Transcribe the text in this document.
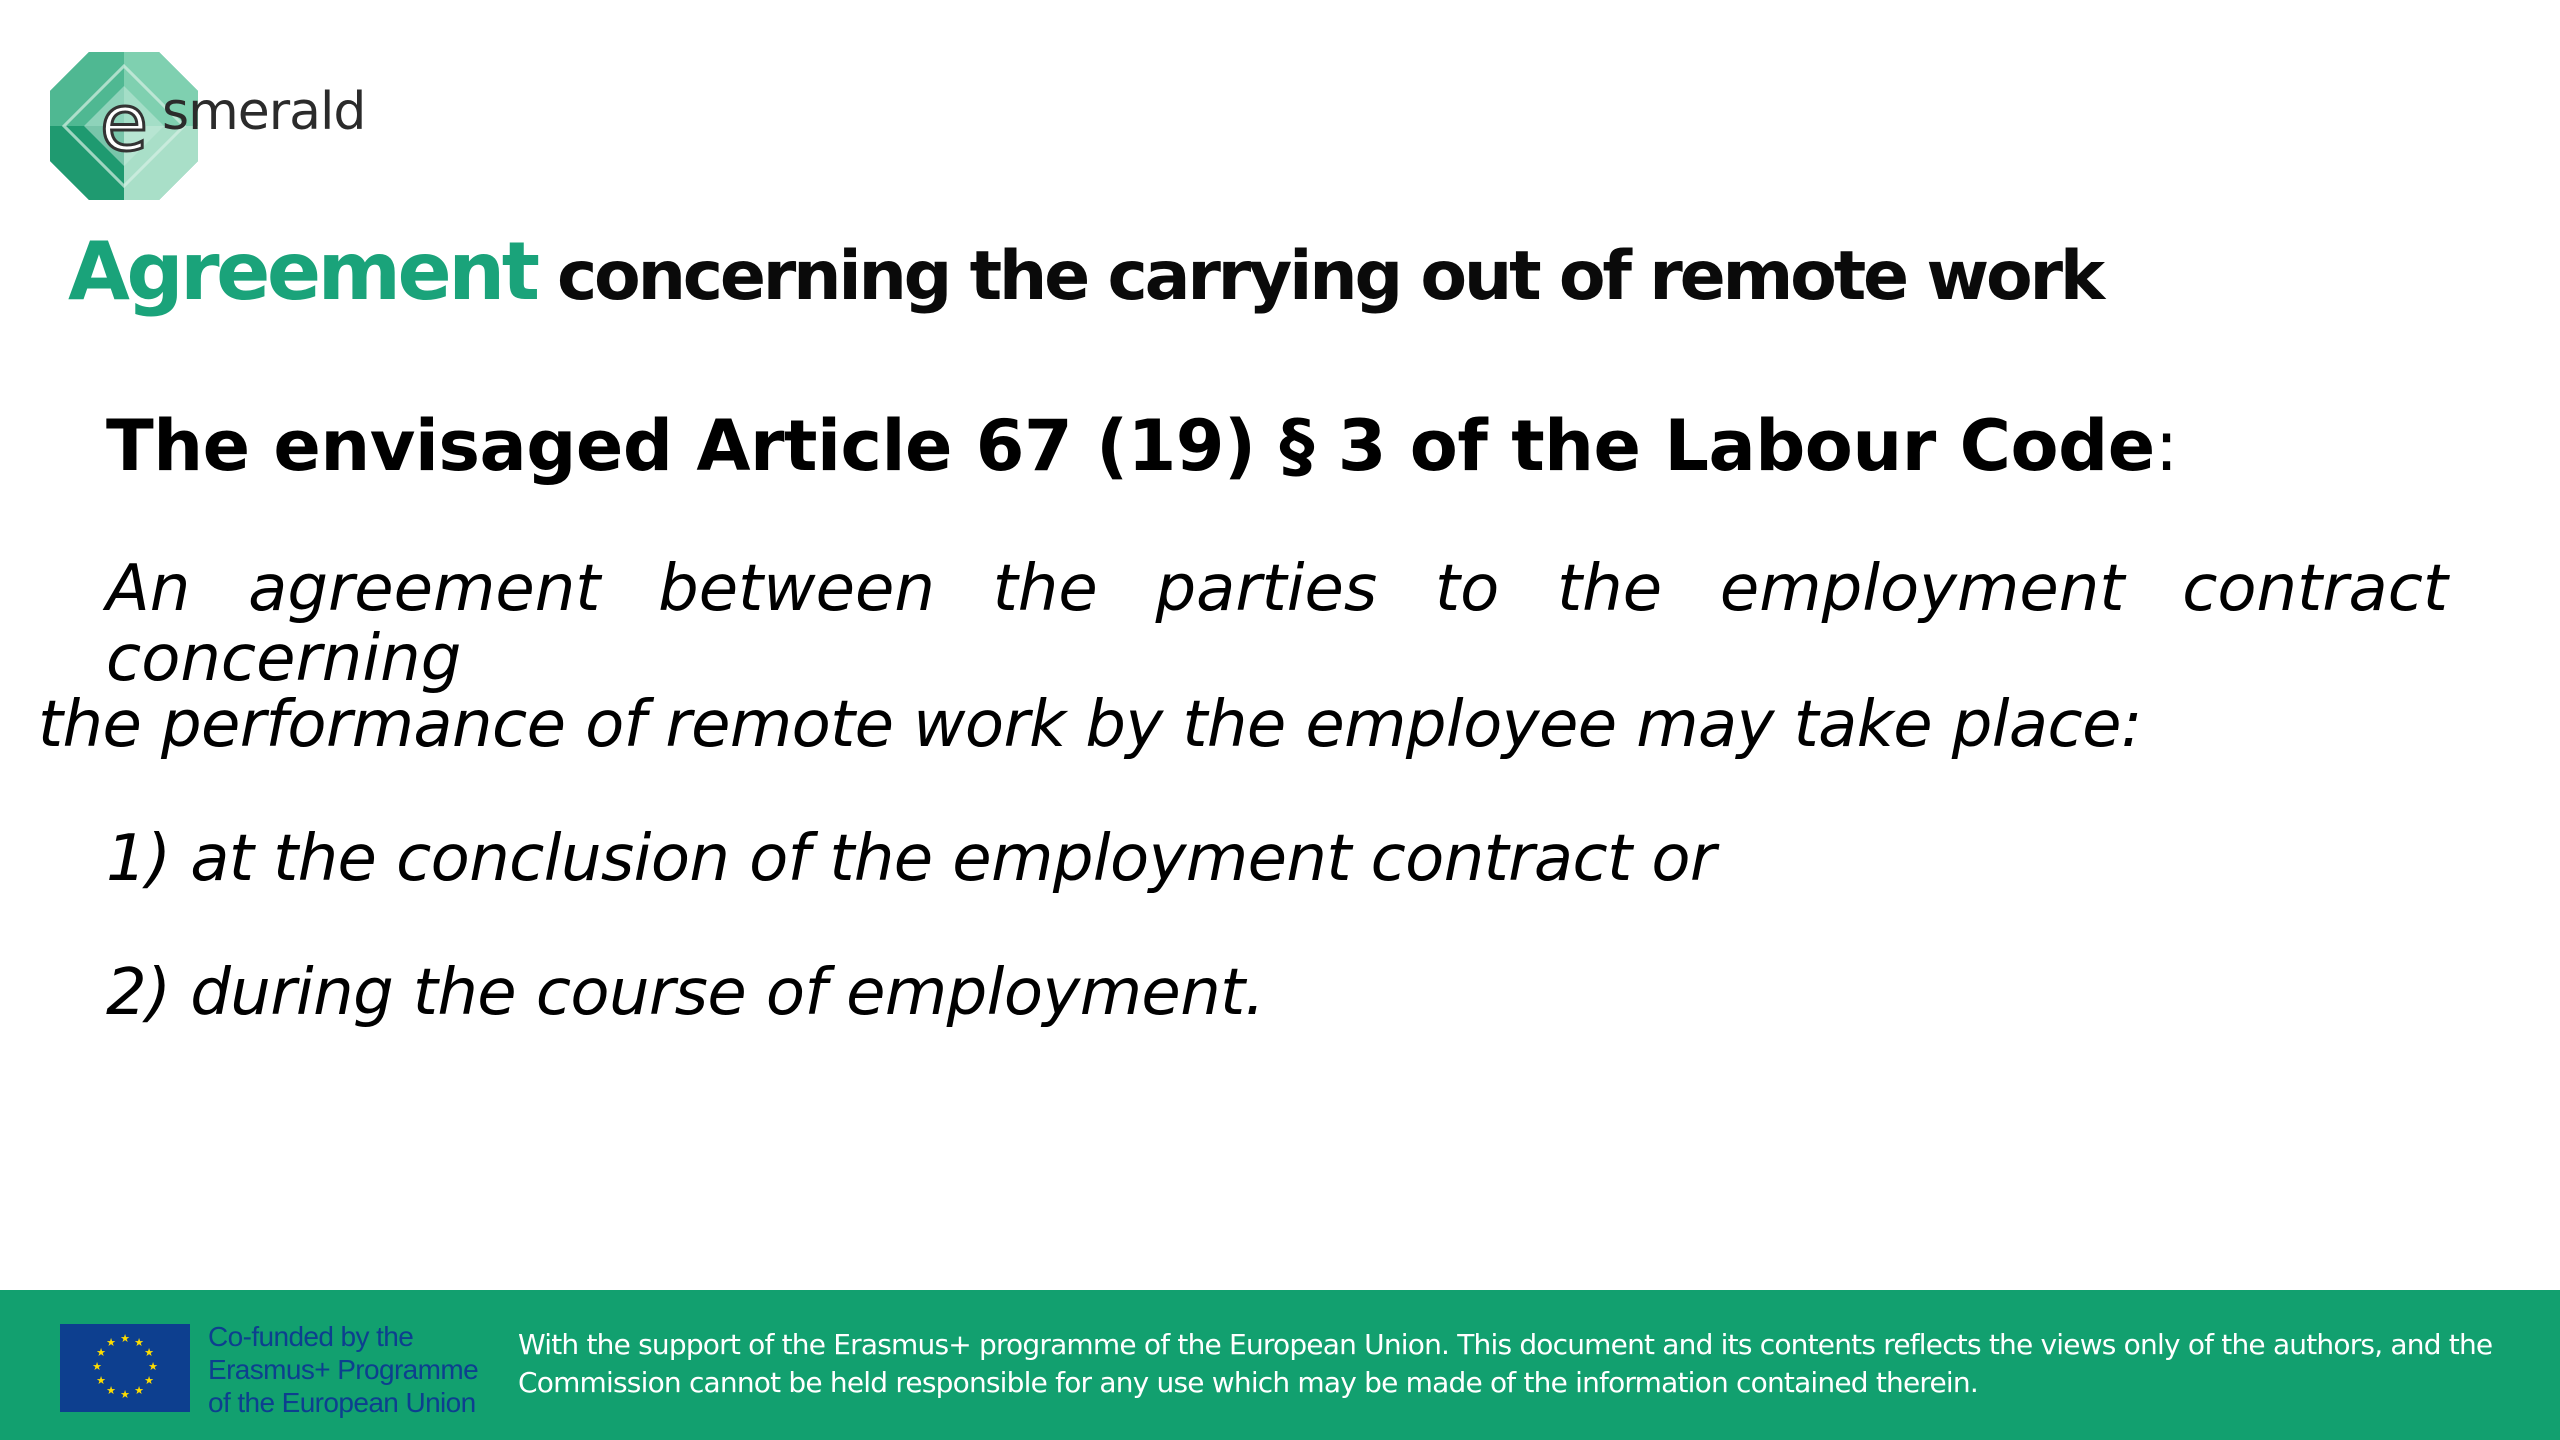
e smerald
Agreement concerning the carrying out of remote work
The envisaged Article 67 (19) § 3 of the Labour Code:
An agreement between the parties to the employment contract concerning
the performance of remote work by the employee may take place:
1) at the conclusion of the employment contract or
2) during the course of employment.
★ ★
★
★
★
★
★
★
★
★
★
★	Co-funded by the
Erasmus+ Programme
of the European Union
With the support of the Erasmus+ programme of the European Union. This document and its contents reflects the views only of the authors, and the
Commission cannot be held responsible for any use which may be made of the information contained therein.
